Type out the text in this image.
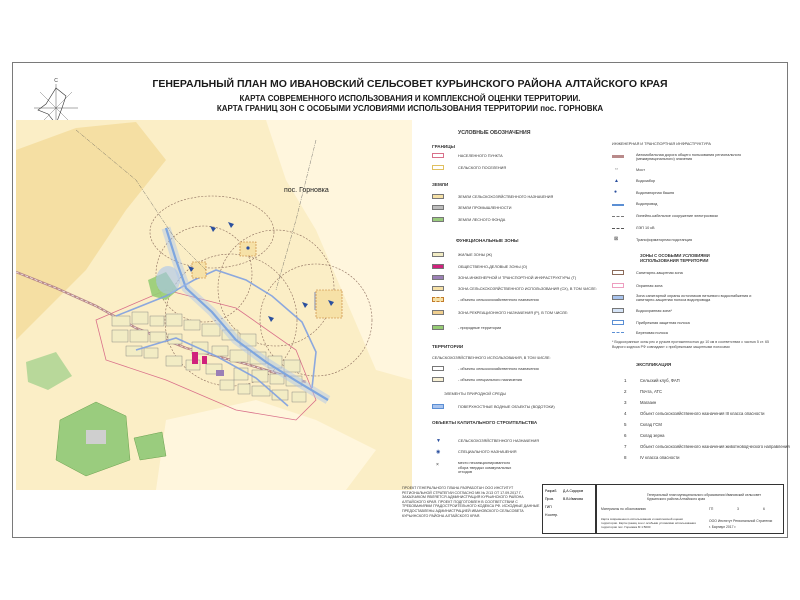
ГЕНЕРАЛЬНЫЙ ПЛАН МО ИВАНОВСКИЙ СЕЛЬСОВЕТ КУРЬИНСКОГО РАЙОНА АЛТАЙСКОГО КРАЯ
КАРТА СОВРЕМЕННОГО ИСПОЛЬЗОВАНИЯ И КОМПЛЕКСНОЙ ОЦЕНКИ ТЕРРИТОРИИ.
КАРТА ГРАНИЦ ЗОН С ОСОБЫМИ УСЛОВИЯМИ ИСПОЛЬЗОВАНИЯ ТЕРРИТОРИИ пос. ГОРНОВКА
С
пос. Горновка
УСЛОВНЫЕ ОБОЗНАЧЕНИЯ
ГРАНИЦЫ
НАСЕЛЕННОГО ПУНКТА
СЕЛЬСКОГО ПОСЕЛЕНИЯ
ЗЕМЛИ
ЗЕМЛИ СЕЛЬСКОХОЗЯЙСТВЕННОГО НАЗНАЧЕНИЯ
ЗЕМЛИ ПРОМЫШЛЕННОСТИ
ЗЕМЛИ ЛЕСНОГО ФОНДА
ФУНКЦИОНАЛЬНЫЕ ЗОНЫ
ЖИЛЫЕ ЗОНЫ (Ж)
ОБЩЕСТВЕННО-ДЕЛОВЫЕ ЗОНЫ (О)
ЗОНА ИНЖЕНЕРНОЙ И ТРАНСПОРТНОЙ ИНФРАСТРУКТУРЫ (Т)
ЗОНА СЕЛЬСКОХОЗЯЙСТВЕННОГО ИСПОЛЬЗОВАНИЯ (СХ), В ТОМ ЧИСЛЕ:
- объекты сельскохозяйственного назначения
ЗОНА РЕКРЕАЦИОННОГО НАЗНАЧЕНИЯ (Р), В ТОМ ЧИСЛЕ:
- природные территории
ТЕРРИТОРИИ
СЕЛЬСКОХОЗЯЙСТВЕННОГО ИСПОЛЬЗОВАНИЯ, В ТОМ ЧИСЛЕ:
- объекты сельскохозяйственного назначения
- объекты специального назначения
ЭЛЕМЕНТЫ ПРИРОДНОЙ СРЕДЫ
ПОВЕРХНОСТНЫЕ ВОДНЫЕ ОБЪЕКТЫ (ВОДОТОКИ)
ОБЪЕКТЫ КАПИТАЛЬНОГО СТРОИТЕЛЬСТВА
▼	СЕЛЬСКОХОЗЯЙСТВЕННОГО НАЗНАЧЕНИЯ
◉	СПЕЦИАЛЬНОГО НАЗНАЧЕНИЯ
×	место несанкционированного сбора твердых коммунальных отходов
ИНЖЕНЕРНАЯ И ТРАНСПОРТНАЯ ИНФРАСТРУКТУРА
Автомобильная дорога общего пользования регионального (межмуниципального) значения
⇔	Мост
▲	Водозабор
●	Водонапорная башня
Водопровод
Линейно-кабельное сооружение электросвязи
ЛЭП 10 кВ
⊠	Трансформаторная подстанция
ЗОНЫ С ОСОБЫМИ УСЛОВИЯМИ ИСПОЛЬЗОВАНИЯ ТЕРРИТОРИИ
Санитарно-защитная зона
Охранная зона
Зона санитарной охраны источников питьевого водоснабжения и санитарно-защитная полоса водопровода
Водоохранная зона*
Прибрежная защитная полоса
Береговая полоса
* Водоохранные зоны рек и ручьев протяженностью до 10 км в соответствии с частью 5 ст. 65 Водного кодекса РФ совпадают с прибрежными защитными полосами
ЭКСПЛИКАЦИЯ
1	Сельский клуб, ФАП
2	Почта, АТС
3	Магазин
4	Объект сельскохозяйственного назначения III класса опасности
5	Склад ГСМ
6	Склад зерна
7	Объект сельскохозяйственного назначения животноводческого направления
8	IV класса опасности
ПРОЕКТ ГЕНЕРАЛЬНОГО ПЛАНА РАЗРАБОТАН ООО ИНСТИТУТ РЕГИОНАЛЬНОЙ СТРАТЕГИИ СОГЛАСНО МК № 2/13 ОТ 17.09.2017 Г. ЗАКАЗЧИКОМ ЯВЛЯЕТСЯ АДМИНИСТРАЦИЯ КУРЬИНСКОГО РАЙОНА АЛТАЙСКОГО КРАЯ. ПРОЕКТ ПОДГОТОВЛЕН В СООТВЕТСТВИИ С ТРЕБОВАНИЯМИ ГРАДОСТРОИТЕЛЬНОГО КОДЕКСА РФ. ИСХОДНЫЕ ДАННЫЕ ПРЕДОСТАВЛЕНЫ АДМИНИСТРАЦИЕЙ ИВАНОВСКОГО СЕЛЬСОВЕТА КУРЬИНСКОГО РАЙОНА АЛТАЙСКОГО КРАЯ.
Разраб. Д.А.Сидоров
Пров.	В.В.Иванова
ГИП
Н.контр.
Генеральный план муниципального образования Ивановский сельсовет Курьинского района Алтайского края
Материалы по обоснованию	ГП	3	6
Карта современного использования и комплексной оценки территории. Карта границ зон с особыми условиями использования территории пос. Горновка М 1:5000
ООО Институт Региональной Стратегии
г. Барнаул 2017 г.
